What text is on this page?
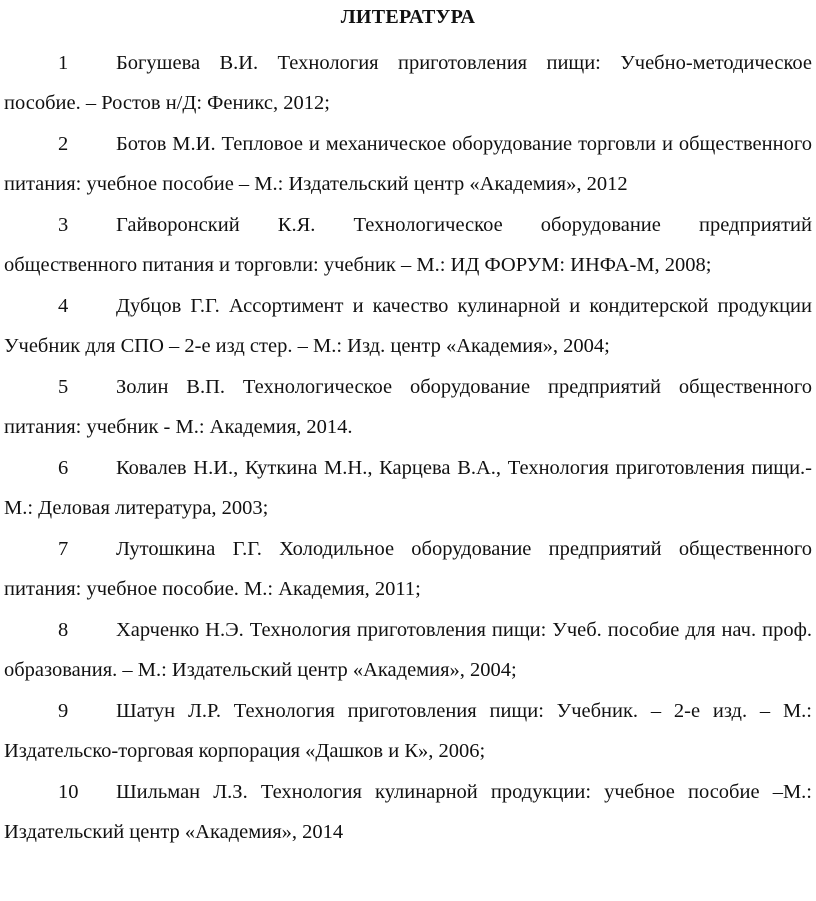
ЛИТЕРАТУРА

1 Богушева В.И. Технология приготовления пищи: Учебно-методическое пособие. – Ростов н/Д: Феникс, 2012;

2 Ботов М.И. Тепловое и механическое оборудование торговли и общественного питания: учебное пособие – М.: Издательский центр «Академия», 2012

3 Гайворонский К.Я. Технологическое оборудование предприятий общественного питания и торговли: учебник – М.: ИД ФОРУМ: ИНФА-М, 2008;

4 Дубцов Г.Г. Ассортимент и качество кулинарной и кондитерской продукции Учебник для СПО – 2-е изд стер. – М.: Изд. центр «Академия», 2004;

5 Золин В.П. Технологическое оборудование предприятий общественного питания: учебник - М.: Академия, 2014.

6 Ковалев Н.И., Куткина М.Н., Карцева В.А., Технология приготовления пищи.- М.: Деловая литература, 2003;

7 Лутошкина Г.Г. Холодильное оборудование предприятий общественного питания: учебное пособие. М.: Академия, 2011;

8 Харченко Н.Э. Технология приготовления пищи: Учеб. пособие для нач. проф. образования. – М.: Издательский центр «Академия», 2004;

9 Шатун Л.Р. Технология приготовления пищи: Учебник. – 2-е изд. – М.: Издательско-торговая корпорация «Дашков и К», 2006;

10 Шильман Л.З. Технология кулинарной продукции: учебное пособие –М.: Издательский центр «Академия», 2014
